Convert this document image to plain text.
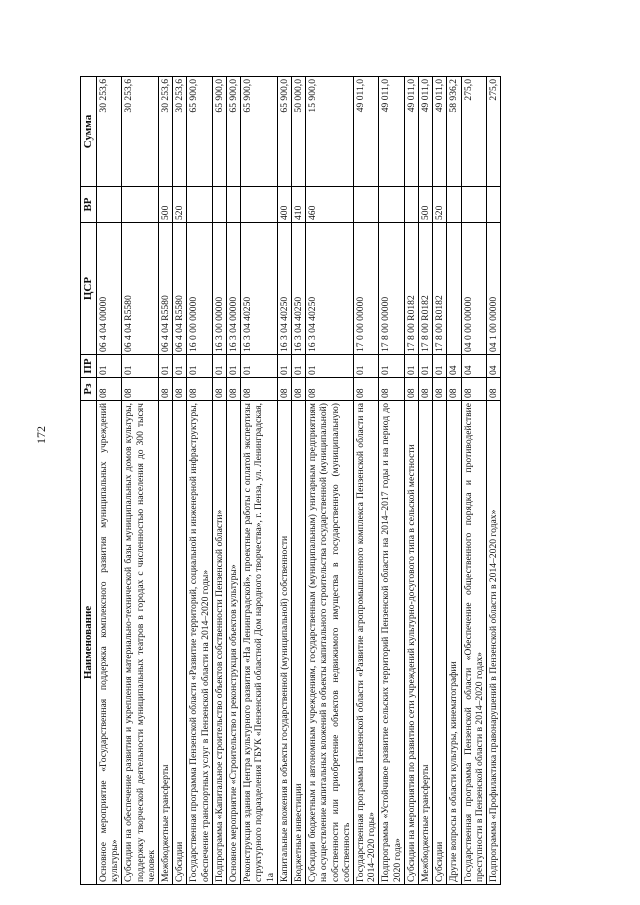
172
Наименование	Рз	ПР	ЦСР	ВР	Сумма
Основное мероприятие «Государственная поддержка комплексного развития муниципальных учреждений культуры»	08	01	06 4 04 00000		30 253,6
Субсидии на обеспечение развития и укрепления материально-технической базы муниципальных домов культуры, поддержку творческой деятельности муниципальных театров в городах с численностью населения до 300 тысяч человек	08	01	06 4 04 R5580		30 253,6
Межбюджетные трансферты	08	01	06 4 04 R5580	500	30 253,6
Субсидии	08	01	06 4 04 R5580	520	30 253,6
Государственная программа Пензенской области «Развитие территорий, социальной и инженерной инфраструктуры, обеспечение транспортных услуг в Пензенской области на 2014–2020 годы»	08	01	16 0 00 00000		65 900,0
Подпрограмма «Капитальное строительство объектов собственности Пензенской области»	08	01	16 3 00 00000		65 900,0
Основное мероприятие «Строительство и реконструкция объектов культуры»	08	01	16 3 04 00000		65 900,0
Реконструкция здания Центра культурного развития «На Ленинградской», проектные работы с оплатой экспертизы структурного подразделения ГБУК «Пензенский областной Дом народного творчества», г. Пенза, ул. Ленинградская, 1а	08	01	16 3 04 40250		65 900,0
Капитальные вложения в объекты государственной (муниципальной) собственности	08	01	16 3 04 40250	400	65 900,0
Бюджетные инвестиции	08	01	16 3 04 40250	410	50 000,0
Субсидии бюджетным и автономным учреждениям, государственным (муниципальным) унитарным предприятиям на осуществление капитальных вложений в объекты капитального строительства государственной (муниципальной) собственности или приобретение объектов недвижимого имущества в государственную (муниципальную) собственность	08	01	16 3 04 40250	460	15 900,0
Государственная программа Пензенской области «Развитие агропромышленного комплекса Пензенской области на 2014–2020 годы»	08	01	17 0 00 00000		49 011,0
Подпрограмма «Устойчивое развитие сельских территорий Пензенской области на 2014–2017 годы и на период до 2020 года»	08	01	17 8 00 00000		49 011,0
Субсидии на мероприятия по развитию сети учреждений культурно-досугового типа в сельской местности	08	01	17 8 00 R0182		49 011,0
Межбюджетные трансферты	08	01	17 8 00 R0182	500	49 011,0
Субсидии	08	01	17 8 00 R0182	520	49 011,0
Другие вопросы в области культуры, кинематографии	08	04			58 936,2
Государственная программа Пензенской области «Обеспечение общественного порядка и противодействие преступности в Пензенской области в 2014–2020 годах»	08	04	04 0 00 00000		275,0
Подпрограмма «Профилактика правонарушений в Пензенской области в 2014–2020 годах»	08	04	04 1 00 00000		275,0
